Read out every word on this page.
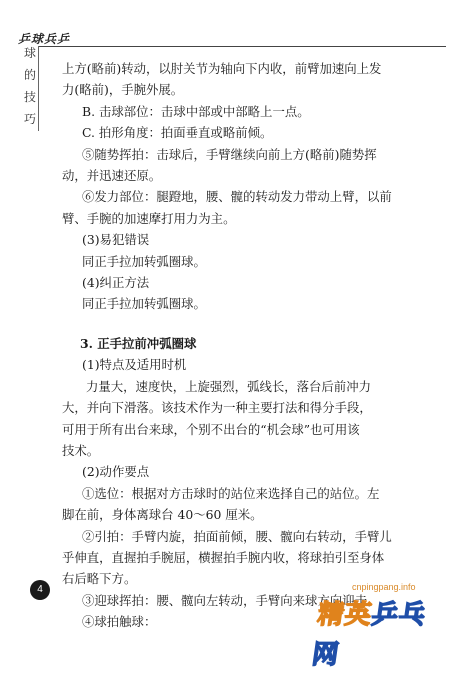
乒球兵乒
球
的
技
巧

上方(略前)转动，以肘关节为轴向下内收，前臂加速向上发

力(略前)，手腕外展。

B. 击球部位：击球中部或中部略上一点。

C. 拍形角度：拍面垂直或略前倾。

⑤随势挥拍：击球后，手臂继续向前上方(略前)随势挥

动，并迅速还原。

⑥发力部位：腿蹬地，腰、髋的转动发力带动上臂，以前

臂、手腕的加速摩打用力为主。

(3)易犯错误

同正手拉加转弧圈球。

(4)纠正方法

同正手拉加转弧圈球。

3. 正手拉前冲弧圈球

(1)特点及适用时机

力量大，速度快，上旋强烈，弧线长，落台后前冲力

大，并向下滑落。该技术作为一种主要打法和得分手段，

可用于所有出台来球，个别不出台的“机会球”也可用该

技术。

(2)动作要点

①选位：根据对方击球时的站位来选择自己的站位。左

脚在前，身体离球台 40～60 厘米。

②引拍：手臂内旋，拍面前倾，腰、髋向右转动，手臂儿

乎伸直，直握拍手腕屈，横握拍手腕内收，将球拍引至身体

右后略下方。

③迎球挥拍：腰、髋向左转动，手臂向来球方向迎击。

④球拍触球：

4	cnpingpang.info
精英乒乓网
